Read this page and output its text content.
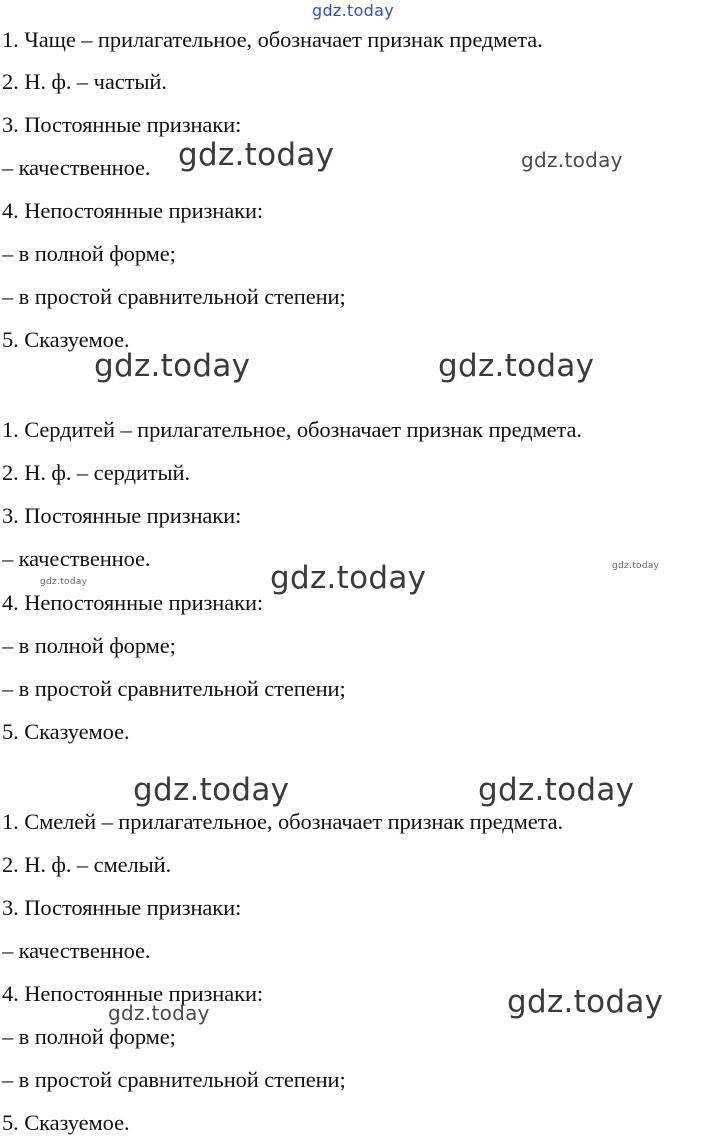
gdz.today
1. Чаще – прилагательное, обозначает признак предмета.
2. Н. ф. – частый.
3. Постоянные признаки:
– качественное.
4. Непостоянные признаки:
– в полной форме;
– в простой сравнительной степени;
5. Сказуемое.
1. Сердитей – прилагательное, обозначает признак предмета.
2. Н. ф. – сердитый.
3. Постоянные признаки:
– качественное.
4. Непостоянные признаки:
– в полной форме;
– в простой сравнительной степени;
5. Сказуемое.
1. Смелей – прилагательное, обозначает признак предмета.
2. Н. ф. – смелый.
3. Постоянные признаки:
– качественное.
4. Непостоянные признаки:
– в полной форме;
– в простой сравнительной степени;
5. Сказуемое.
gdz.today	gdz.today
gdz.today	gdz.today
gdz.today
gdz.today
gdz.today
gdz.today	gdz.today
gdz.today
gdz.today
